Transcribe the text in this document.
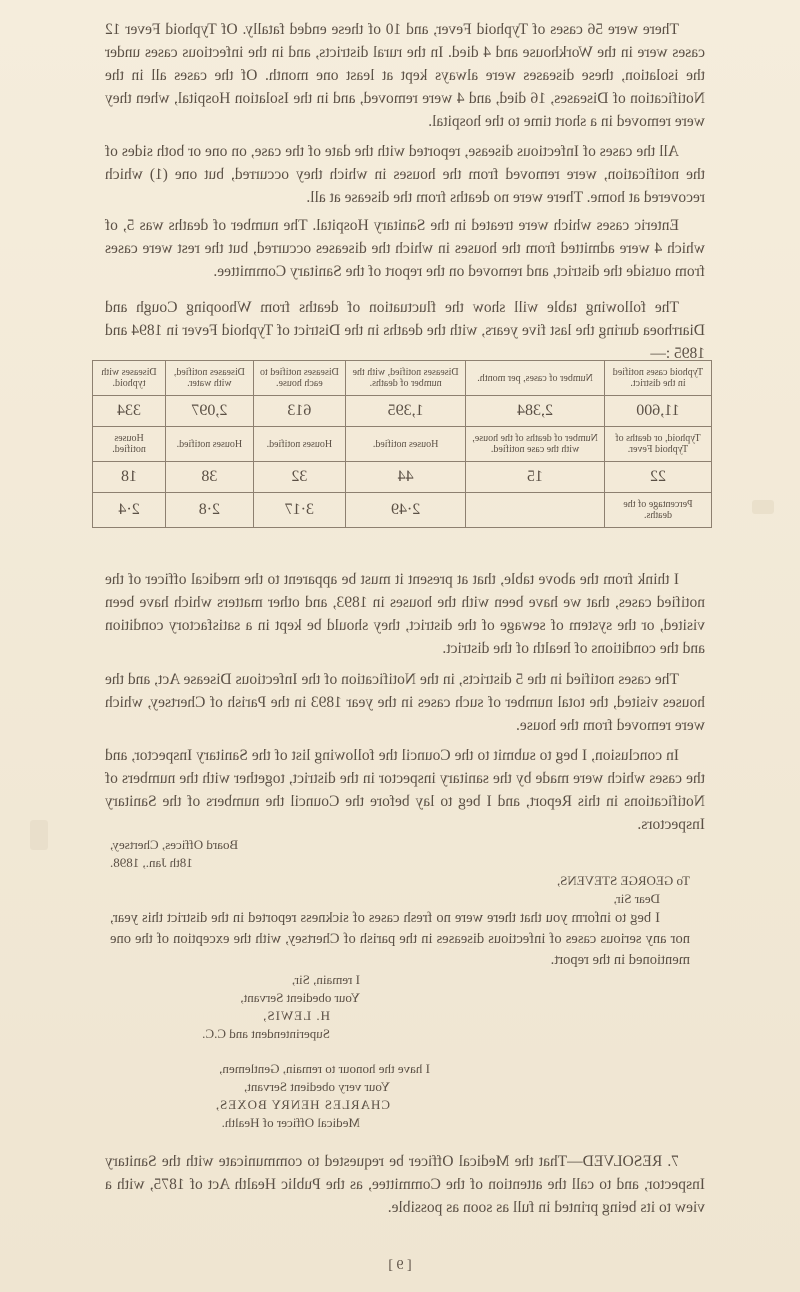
There were 56 cases of Typhoid Fever, and 10 of these ended fatally. Of Typhoid Fever 12 cases were in the Workhouse and 4 died. In the rural districts, and in the infectious cases under the isolation, these diseases were always kept at least one month. Of the cases all in the Notification of Diseases, 16 died, and 4 were removed, and in the Isolation Hospital, when they were removed in a short time to the hospital.

All the cases of Infectious disease, reported with the date of the case, on one or both sides of the notification, were removed from the houses in which they occurred, but one (1) which recovered at home. There were no deaths from the disease at all.

Enteric cases which were treated in the Sanitary Hospital. The number of deaths was 5, of which 4 were admitted from the houses in which the diseases occurred, but the rest were cases from outside the district, and removed on the report of the Sanitary Committee.

The following table will show the fluctuation of deaths from Whooping Cough and Diarrhoea during the last five years, with the deaths in the District of Typhoid Fever in 1894 and 1895 :—

Typhoid cases notified in the district.	Number of cases, per month.	Diseases notified, with the number of deaths.	Diseases notified to each house.	Diseases notified, with water.	Diseases with typhoid.
11,600	2,384	1,395	613	2,097	334
Typhoid, or deaths of Typhoid Fever.	Number of deaths of the house, with the case notified.	Houses notified.	Houses notified.	Houses notified.	Houses notified.
22	15	44	32	38	18
Percentage of the deaths.		2·49	3·17	2·8	2·4

I think from the above table, that at present it must be apparent to the medical officer of the notified cases, that we have been with the houses in 1893, and other matters which have been visited, or the system of sewage of the district, they should be kept in a satisfactory condition and the conditions of health of the district.

The cases notified in the 5 districts, in the Notification of the Infectious Disease Act, and the houses visited, the total number of such cases in the year 1893 in the Parish of Chertsey, which were removed from the house.

In conclusion, I beg to submit to the Council the following list of the Sanitary Inspector, and the cases which were made by the sanitary inspector in the district, together with the numbers of Notifications in this Report, and I beg to lay before the Council the numbers of the Sanitary Inspectors.

Board Offices, Chertsey,
18th Jan., 1898.
To GEORGE STEVENS,
Dear Sir,
I beg to inform you that there were no fresh cases of sickness reported in the district this year, nor any serious cases of infectious diseases in the parish of Chertsey, with the exception of the one mentioned in the report.
I remain, Sir,
Your obedient Servant,
H. LEWIS,
Superintendent and C.C.
I have the honour to remain, Gentlemen,
Your very obedient Servant,
CHARLES HENRY BOXES,
Medical Officer of Health.

7. RESOLVED—That the Medical Officer be requested to communicate with the Sanitary Inspector, and to call the attention of the Committee, as the Public Health Act of 1875, with a view to its being printed in full as soon as possible.

[ 9 ]
